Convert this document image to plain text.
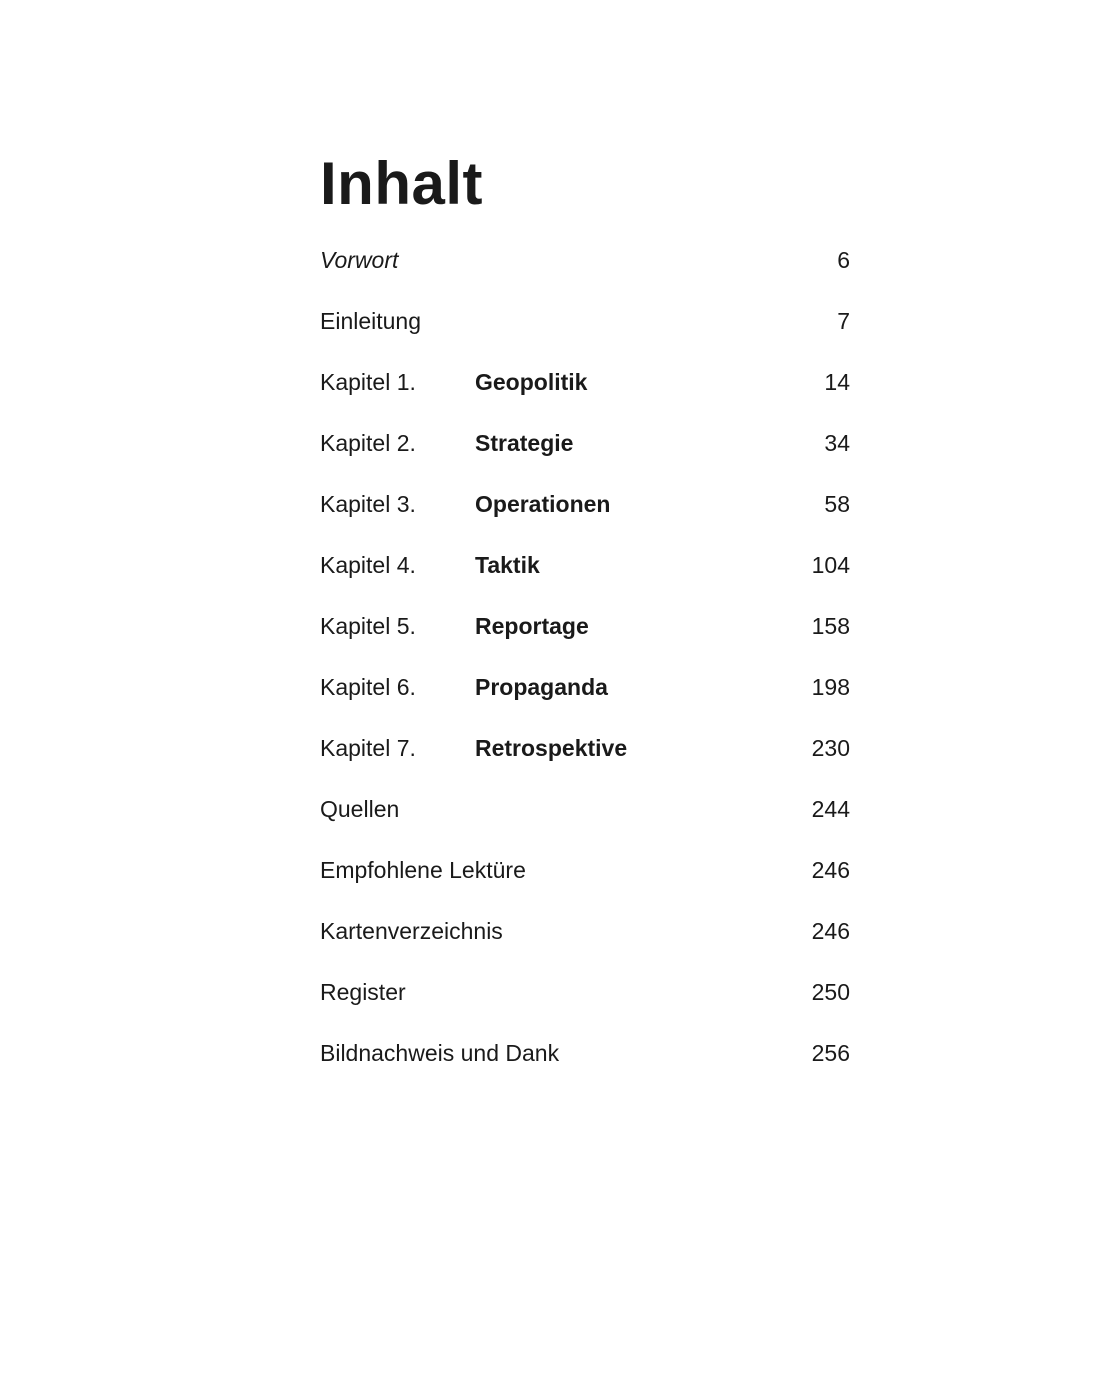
Inhalt
Vorwort	6
Einleitung	7
Kapitel 1.	Geopolitik	14
Kapitel 2.	Strategie	34
Kapitel 3.	Operationen	58
Kapitel 4.	Taktik	104
Kapitel 5.	Reportage	158
Kapitel 6.	Propaganda	198
Kapitel 7.	Retrospektive	230
Quellen	244
Empfohlene Lektüre	246
Kartenverzeichnis	246
Register	250
Bildnachweis und Dank	256
